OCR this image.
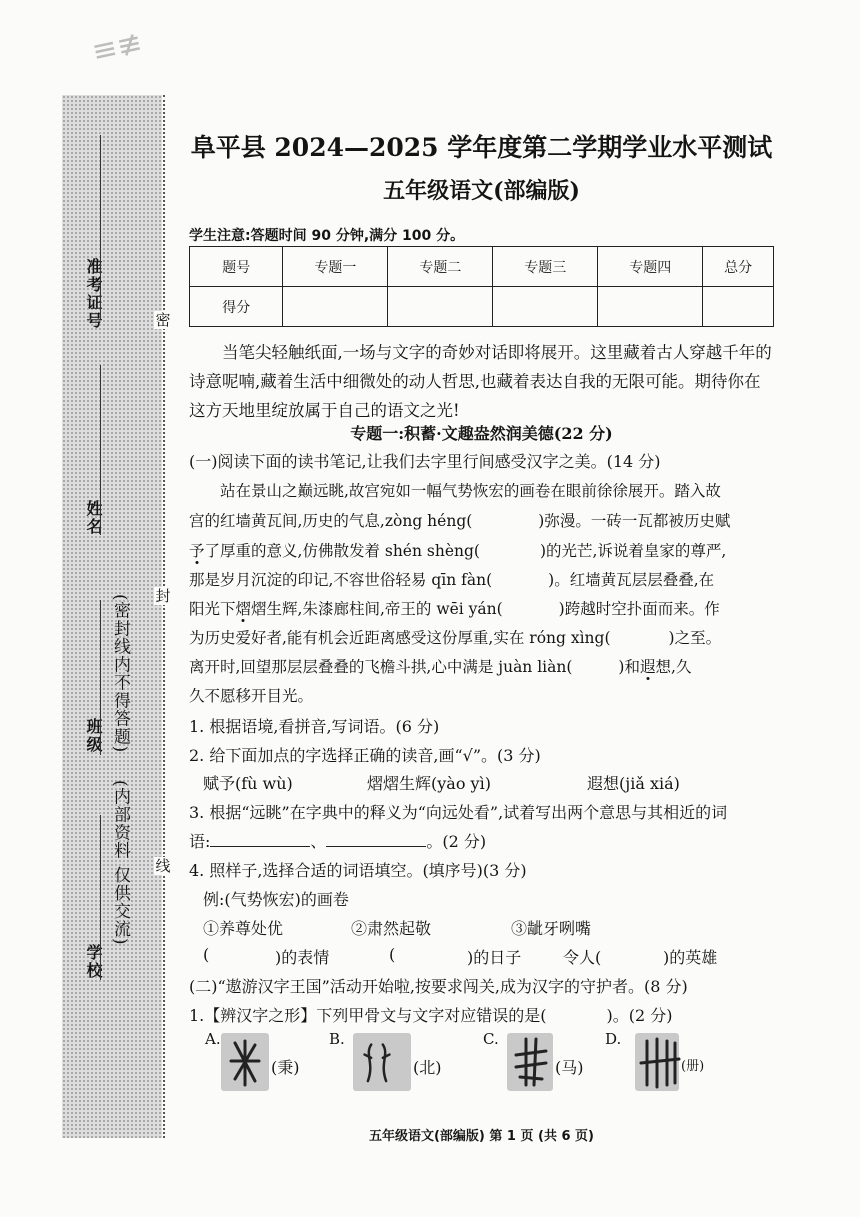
≡≢
密
封
线
准考证号
姓名
班级
学校
(密封线内不得答题)
(内部资料 仅供交流)
阜平县 2024—2025 学年度第二学期学业水平测试
五年级语文(部编版)
学生注意:答题时间 90 分钟,满分 100 分。
题号	专题一	专题二	专题三	专题四	总分
得分					
当笔尖轻触纸面,一场与文字的奇妙对话即将展开。这里藏着古人穿越千年的诗意呢喃,藏着生活中细微处的动人哲思,也藏着表达自我的无限可能。期待你在这方天地里绽放属于自己的语文之光!
专题一:积蓄·文趣盎然润美德(22 分)
(一)阅读下面的读书笔记,让我们去字里行间感受汉字之美。(14 分)
站在景山之巅远眺,故宫宛如一幅气势恢宏的画卷在眼前徐徐展开。踏入故
宫的红墙黄瓦间,历史的气息,zòng héng(	)弥漫。一砖一瓦都被历史赋
予了厚重的意义,仿佛散发着 shén shèng(	)的光芒,诉说着皇家的尊严,
那是岁月沉淀的印记,不容世俗轻易 qīn fàn(	)。红墙黄瓦层层叠叠,在
阳光下熠熠生辉,朱漆廊柱间,帝王的 wēi yán(	)跨越时空扑面而来。作
为历史爱好者,能有机会近距离感受这份厚重,实在 róng xìng(	)之至。
离开时,回望那层层叠叠的飞檐斗拱,心中满是 juàn liàn(	)和遐想,久
久不愿移开目光。
1. 根据语境,看拼音,写词语。(6 分)
2. 给下面加点的字选择正确的读音,画“√”。(3 分)
赋予(fù wù)	熠熠生辉(yào yì)	遐想(jiǎ xiá)
3. 根据“远眺”在字典中的释义为“向远处看”,试着写出两个意思与其相近的词
语:	、	。(2 分)
4. 照样子,选择合适的词语填空。(填序号)(3 分)
例:(气势恢宏)的画卷
①养尊处优	②肃然起敬	③龇牙咧嘴
(	)的表情	(	)的日子	令人(	)的英雄
(二)“遨游汉字王国”活动开始啦,按要求闯关,成为汉字的守护者。(8 分)
1.【辨汉字之形】下列甲骨文与文字对应错误的是(	)。(2 分)
A.
(秉)
B.
(北)
C.
(马)
D.
(册)
五年级语文(部编版) 第 1 页 (共 6 页)
